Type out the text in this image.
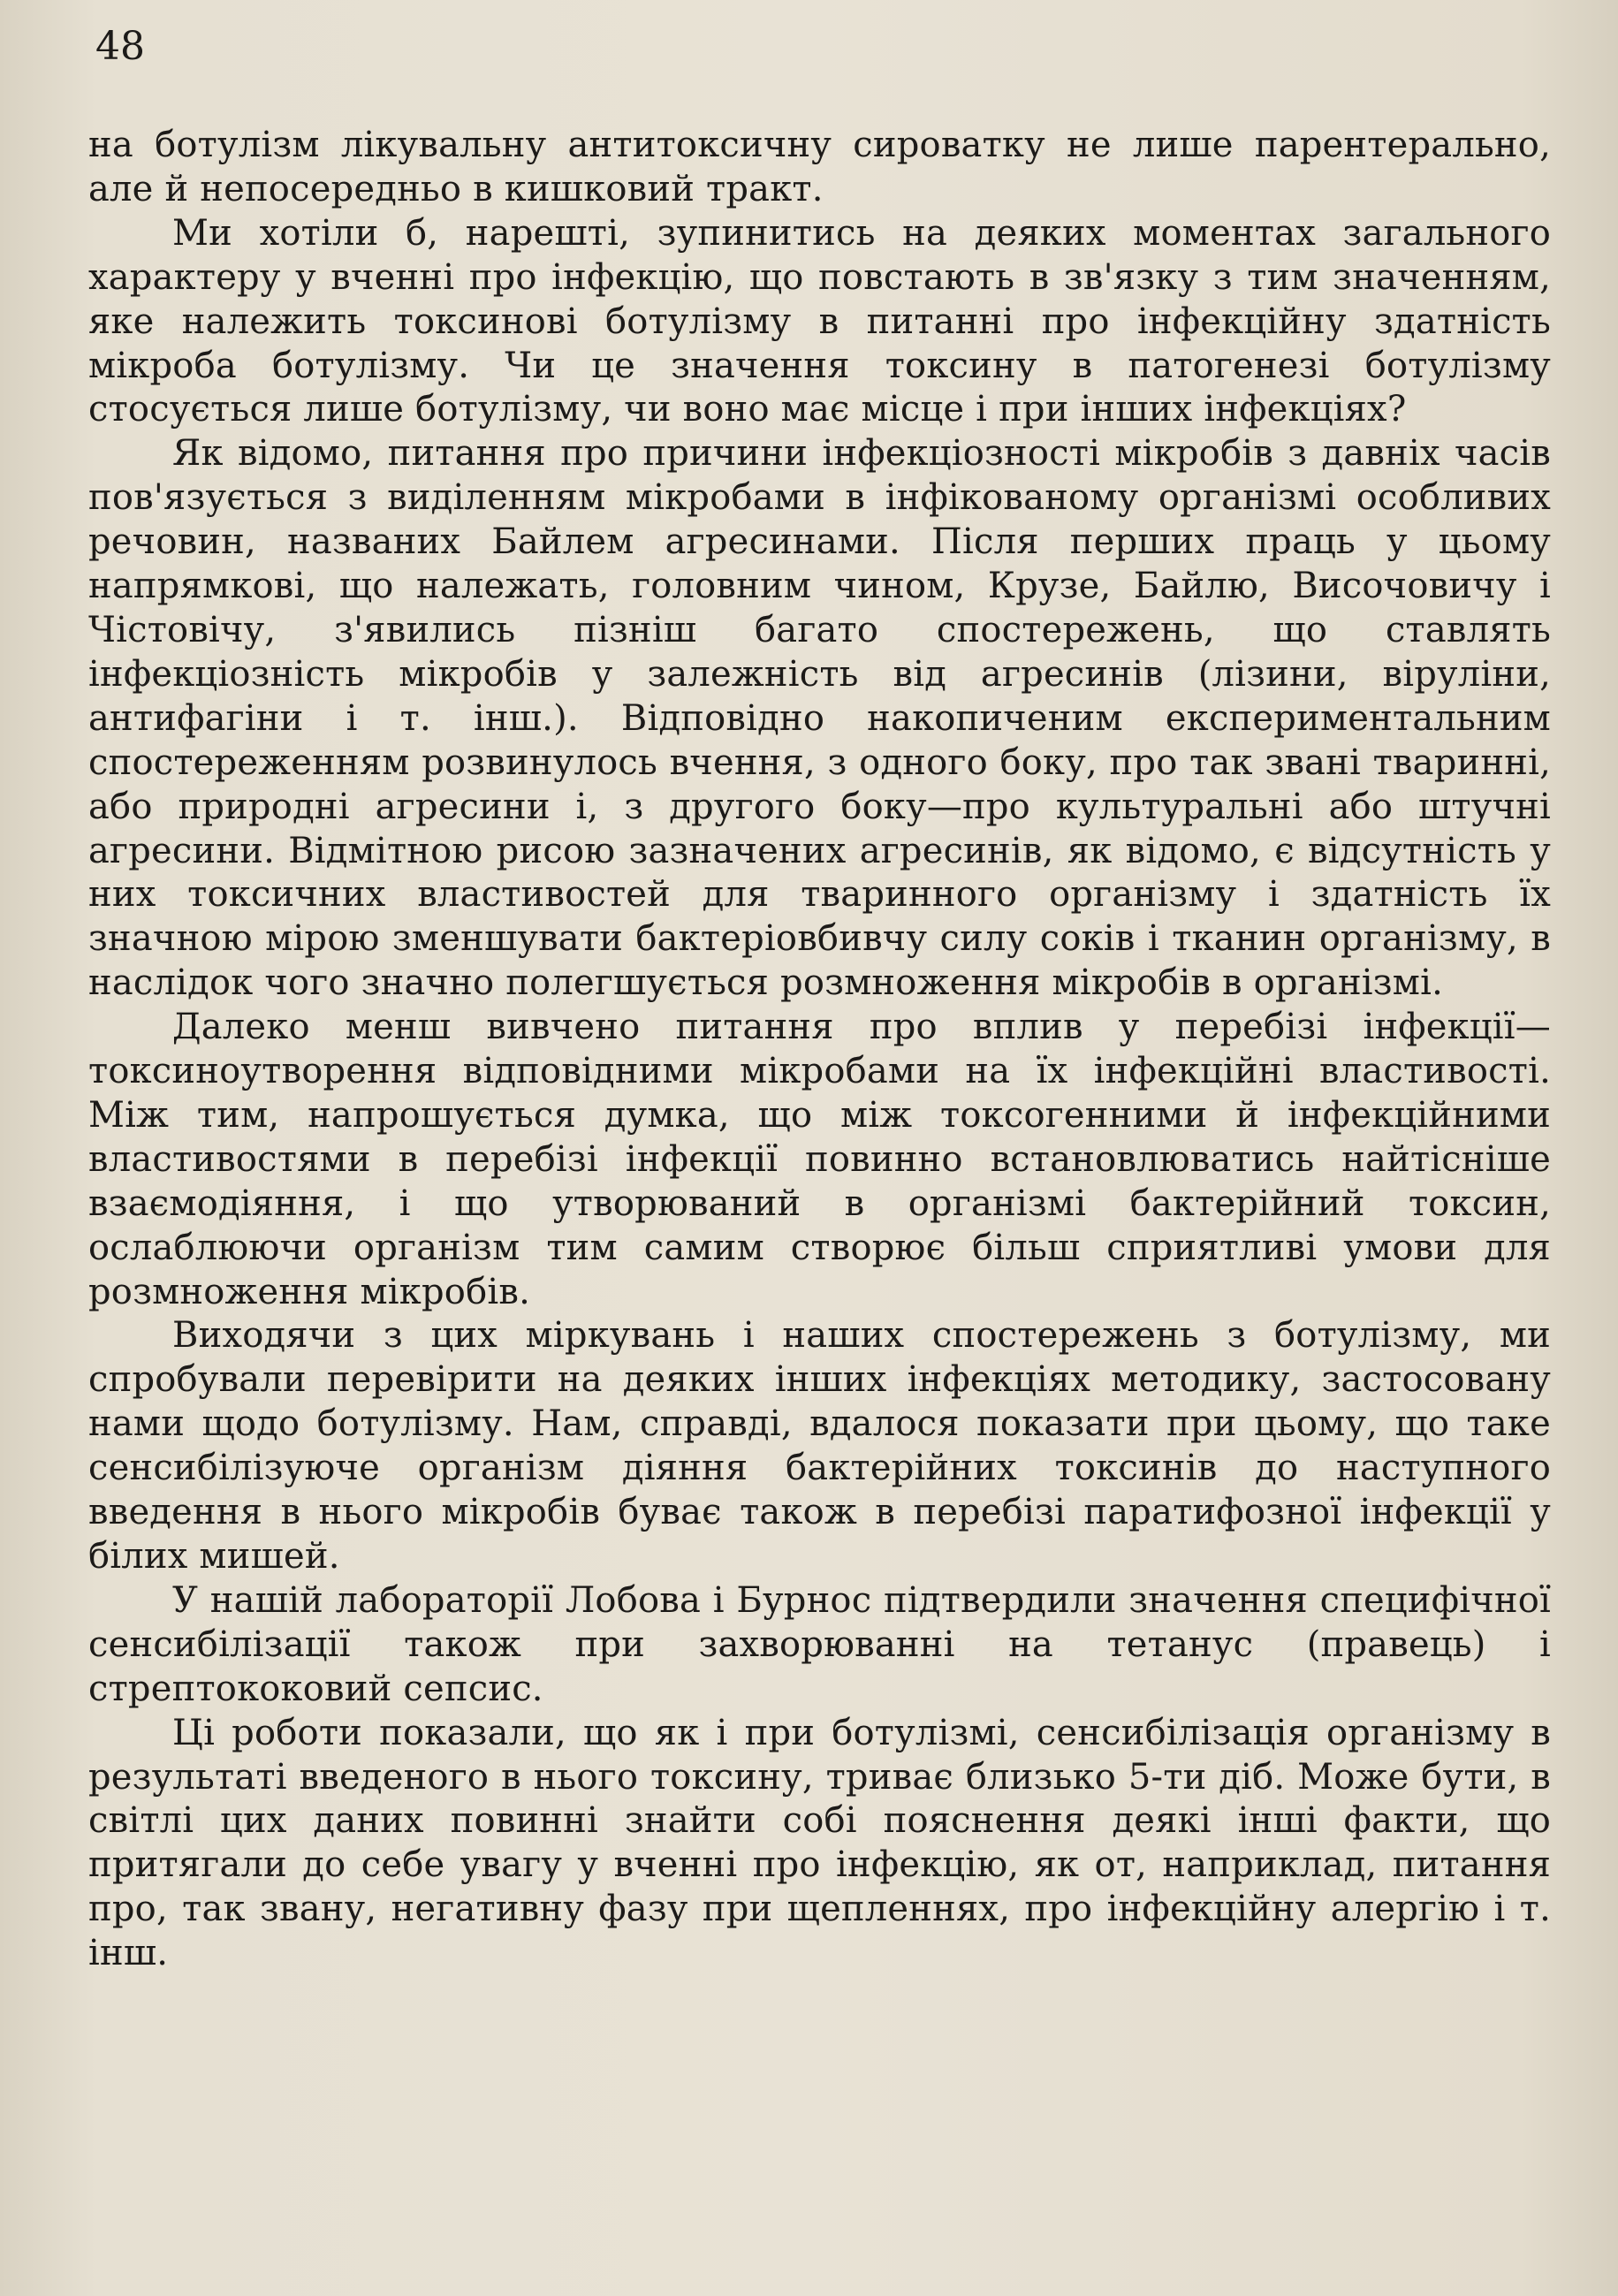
48

на ботулізм лікувальну антитоксичну сироватку не лише парентерально, але й непосередньо в кишковий тракт.

Ми хотіли б, нарешті, зупинитись на деяких моментах загального характеру у вченні про інфекцію, що повстають в зв'язку з тим значенням, яке належить токсинові ботулізму в питанні про інфекційну здатність мікроба ботулізму. Чи це значення токсину в патогенезі ботулізму стосується лише ботулізму, чи воно має місце і при інших інфекціях?

Як відомо, питання про причини інфекціозності мікробів з давніх часів пов'язується з виділенням мікробами в інфікованому організмі особливих речовин, названих Байлем агресинами. Після перших праць у цьому напрямкові, що належать, головним чином, Крузе, Байлю, Височовичу і Чістовічу, з'явились пізніш багато спостережень, що ставлять інфекціозність мікробів у залежність від агресинів (лізини, віруліни, антифагіни і т. інш.). Відповідно накопиченим експериментальним спостереженням розвинулось вчення, з одного боку, про так звані тваринні, або природні агресини і, з другого боку—про культуральні або штучні агресини. Відмітною рисою зазначених агресинів, як відомо, є відсутність у них токсичних властивостей для тваринного організму і здатність їх значною мірою зменшувати бактеріовбивчу силу соків і тканин організму, в наслідок чого значно полегшується розмноження мікробів в організмі.

Далеко менш вивчено питання про вплив у перебізі інфекції—токсиноутворення відповідними мікробами на їх інфекційні властивості. Між тим, напрошується думка, що між токсогенними й інфекційними властивостями в перебізі інфекції повинно встановлюватись найтісніше взаємодіяння, і що утворюваний в організмі бактерійний токсин, ослаблюючи організм тим самим створює більш сприятливі умови для розмноження мікробів.

Виходячи з цих міркувань і наших спостережень з ботулізму, ми спробували перевірити на деяких інших інфекціях методику, застосовану нами щодо ботулізму. Нам, справді, вдалося показати при цьому, що таке сенсибілізуюче організм діяння бактерійних токсинів до наступного введення в нього мікробів буває також в перебізі паратифозної інфекції у білих мишей.

У нашій лабораторії Лобова і Бурнос підтвердили значення специфічної сенсибілізації також при захворюванні на тетанус (правець) і стрептококовий сепсис.

Ці роботи показали, що як і при ботулізмі, сенсибілізація організму в результаті введеного в нього токсину, триває близько 5-ти діб. Може бути, в світлі цих даних повинні знайти собі пояснення деякі інші факти, що притягали до себе увагу у вченні про інфекцію, як от, наприклад, питання про, так звану, негативну фазу при щепленнях, про інфекційну алергію і т. інш.
